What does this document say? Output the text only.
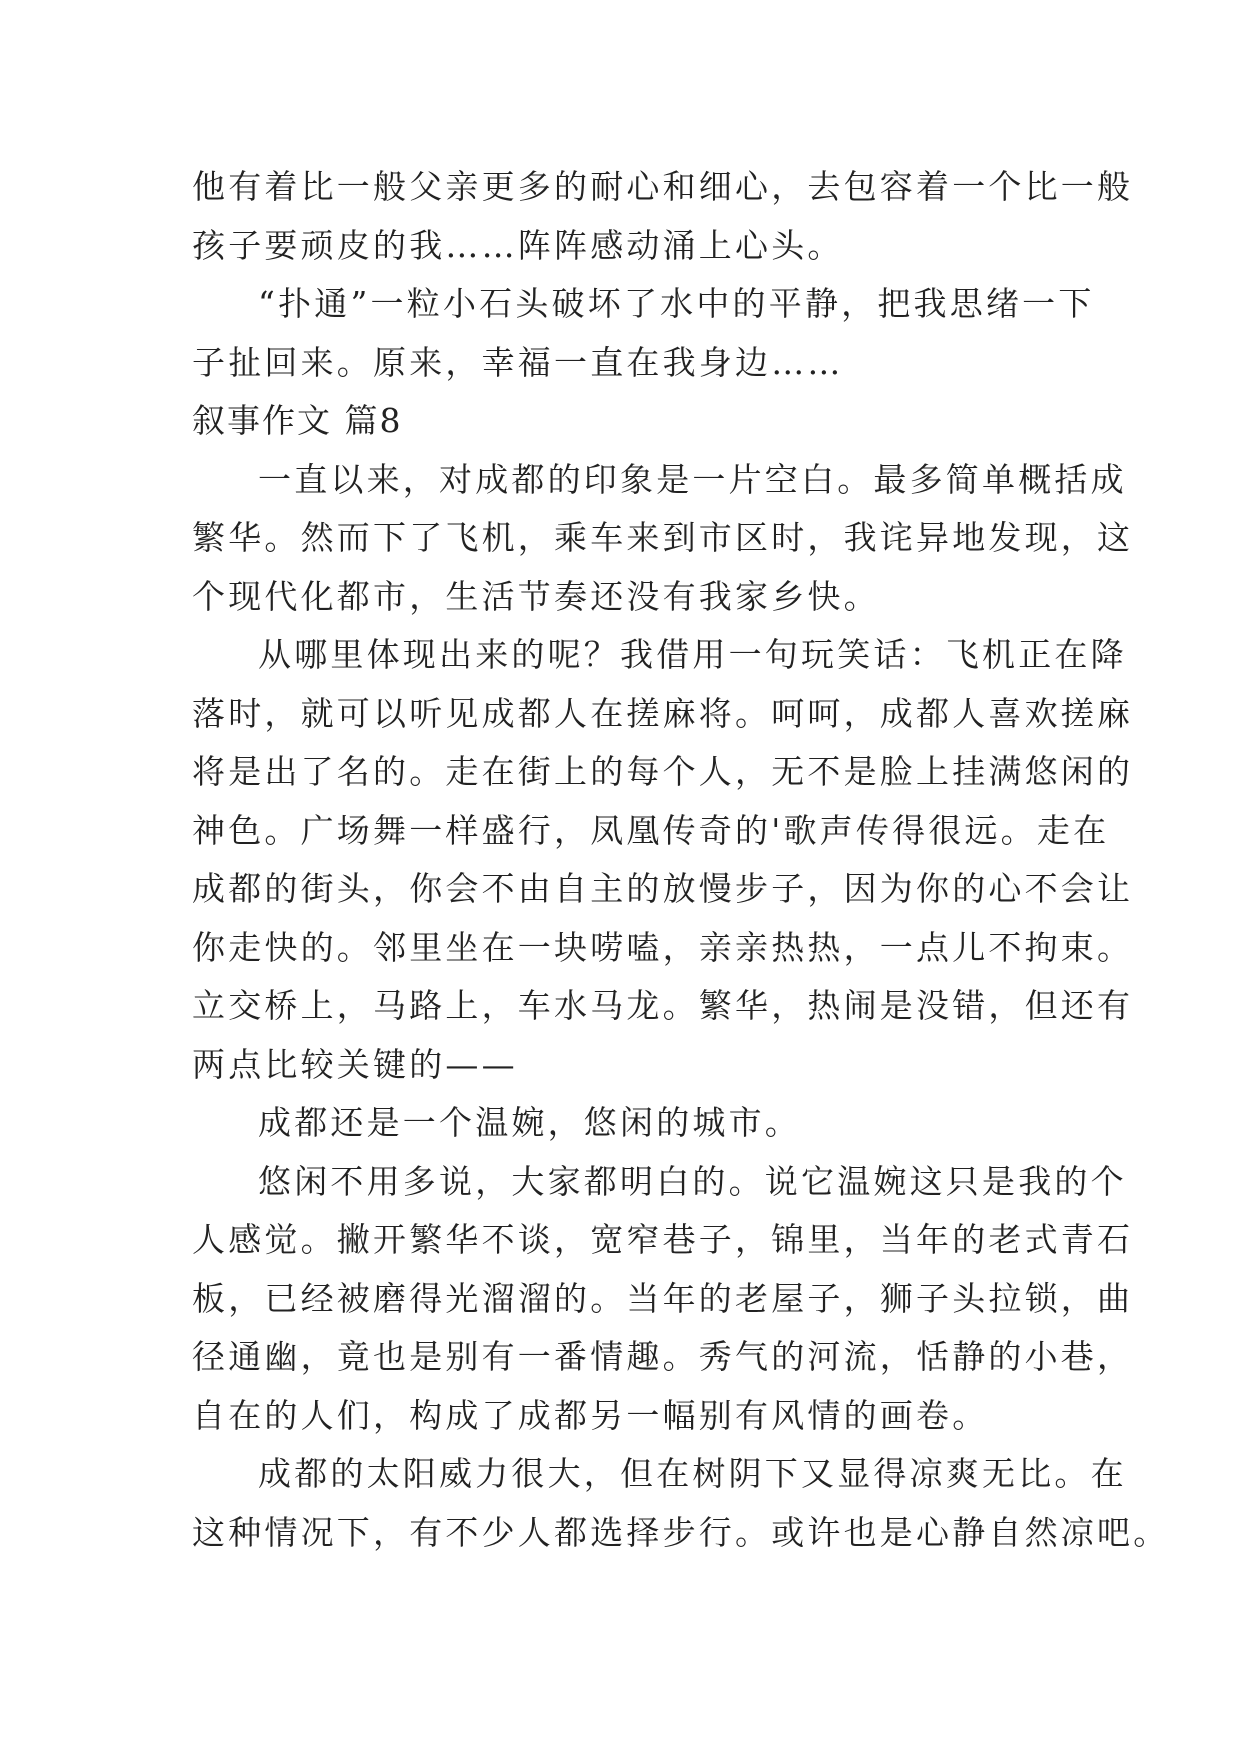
他有着比一般父亲更多的耐心和细心，去包容着一个比一般
孩子要顽皮的我……阵阵感动涌上心头。
“扑通”一粒小石头破坏了水中的平静，把我思绪一下
子扯回来。原来，幸福一直在我身边……
叙事作文 篇8
一直以来，对成都的印象是一片空白。最多简单概括成
繁华。然而下了飞机，乘车来到市区时，我诧异地发现，这
个现代化都市，生活节奏还没有我家乡快。
从哪里体现出来的呢？我借用一句玩笑话：飞机正在降
落时，就可以听见成都人在搓麻将。呵呵，成都人喜欢搓麻
将是出了名的。走在街上的每个人，无不是脸上挂满悠闲的
神色。广场舞一样盛行，凤凰传奇的'歌声传得很远。走在
成都的街头，你会不由自主的放慢步子，因为你的心不会让
你走快的。邻里坐在一块唠嗑，亲亲热热，一点儿不拘束。
立交桥上，马路上，车水马龙。繁华，热闹是没错，但还有
两点比较关键的——
成都还是一个温婉，悠闲的城市。
悠闲不用多说，大家都明白的。说它温婉这只是我的个
人感觉。撇开繁华不谈，宽窄巷子，锦里，当年的老式青石
板，已经被磨得光溜溜的。当年的老屋子，狮子头拉锁，曲
径通幽，竟也是别有一番情趣。秀气的河流，恬静的小巷，
自在的人们，构成了成都另一幅别有风情的画卷。
成都的太阳威力很大，但在树阴下又显得凉爽无比。在
这种情况下，有不少人都选择步行。或许也是心静自然凉吧。
